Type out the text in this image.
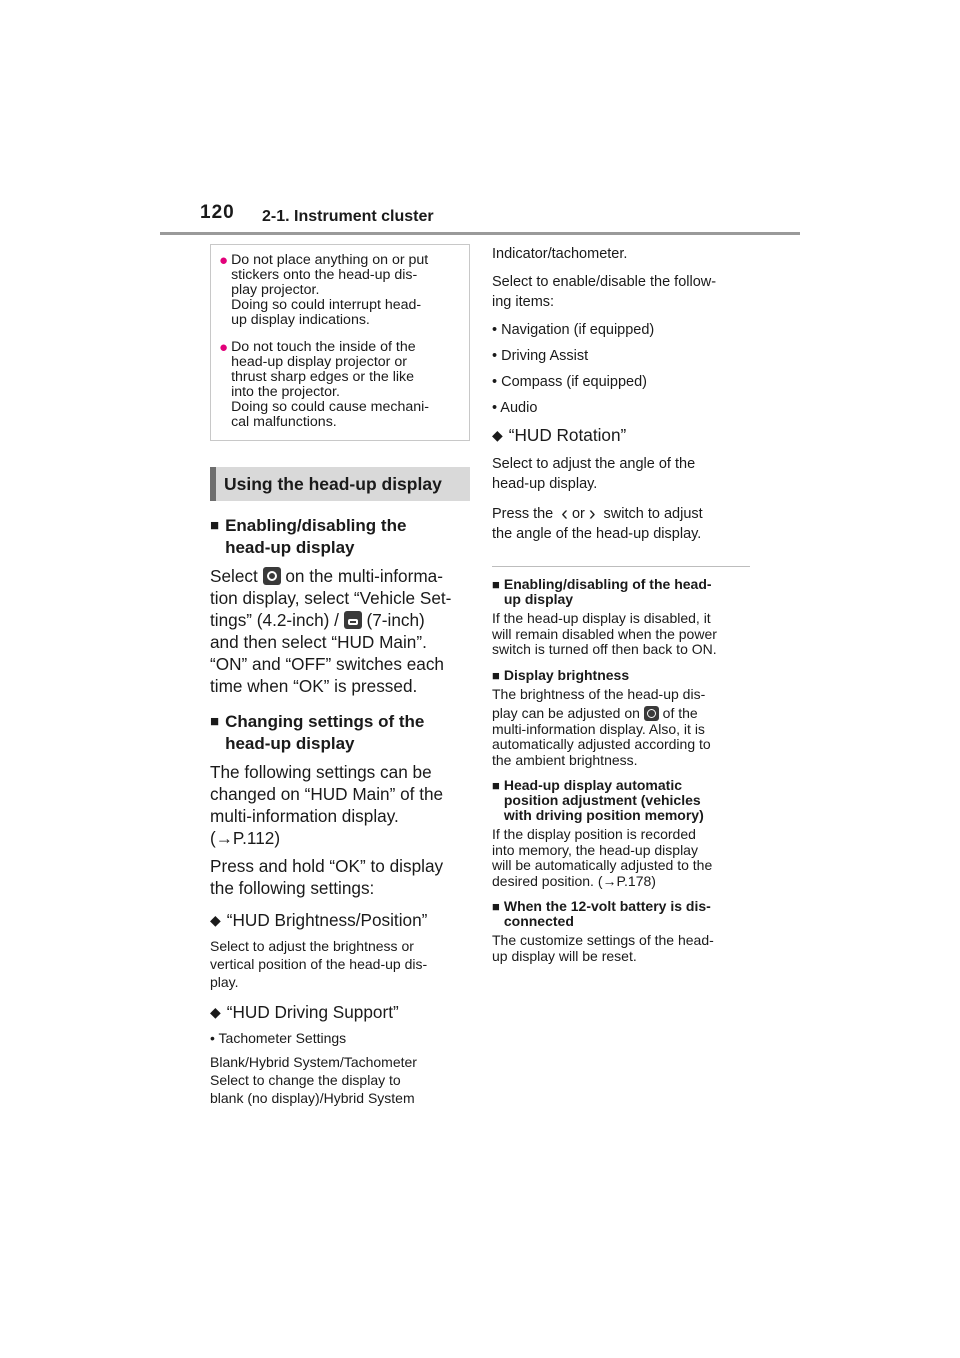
120 2-1. Instrument cluster
● Do not place anything on or put
stickers onto the head-up dis-
play projector.
Doing so could interrupt head-
up display indications.
● Do not touch the inside of the
head-up display projector or
thrust sharp edges or the like
into the projector.
Doing so could cause mechani-
cal malfunctions.
Using the head-up display
■ Enabling/disabling the
head-up display

Select  on the multi-informa-

tion display, select “Vehicle Set-

tings” (4.2-inch) /  (7-inch)

and then select “HUD Main”.

“ON” and “OFF” switches each

time when “OK” is pressed.

■ Changing settings of the
head-up display

The following settings can be

changed on “HUD Main” of the

multi-information display.

(→P.112)

Press and hold “OK” to display

the following settings:

◆ “HUD Brightness/Position”

Select to adjust the brightness or

vertical position of the head-up dis-

play.

◆ “HUD Driving Support”

• Tachometer Settings

Blank/Hybrid System/Tachometer

Select to change the display to

blank (no display)/Hybrid System

Indicator/tachometer.

Select to enable/disable the follow-

ing items:

• Navigation (if equipped)

• Driving Assist

• Compass (if equipped)

• Audio

◆ “HUD Rotation”

Select to adjust the angle of the

head-up display.

Press the ‹ or › switch to adjust

the angle of the head-up display.

■ Enabling/disabling of the head-
up display
If the head-up display is disabled, it
will remain disabled when the power
switch is turned off then back to ON.
■ Display brightness
The brightness of the head-up dis-
play can be adjusted on  of the
multi-information display. Also, it is
automatically adjusted according to
the ambient brightness.
■ Head-up display automatic
position adjustment (vehicles
with driving position memory)
If the display position is recorded
into memory, the head-up display
will be automatically adjusted to the
desired position. (→P.178)
■ When the 12-volt battery is dis-
connected
The customize settings of the head-
up display will be reset.
